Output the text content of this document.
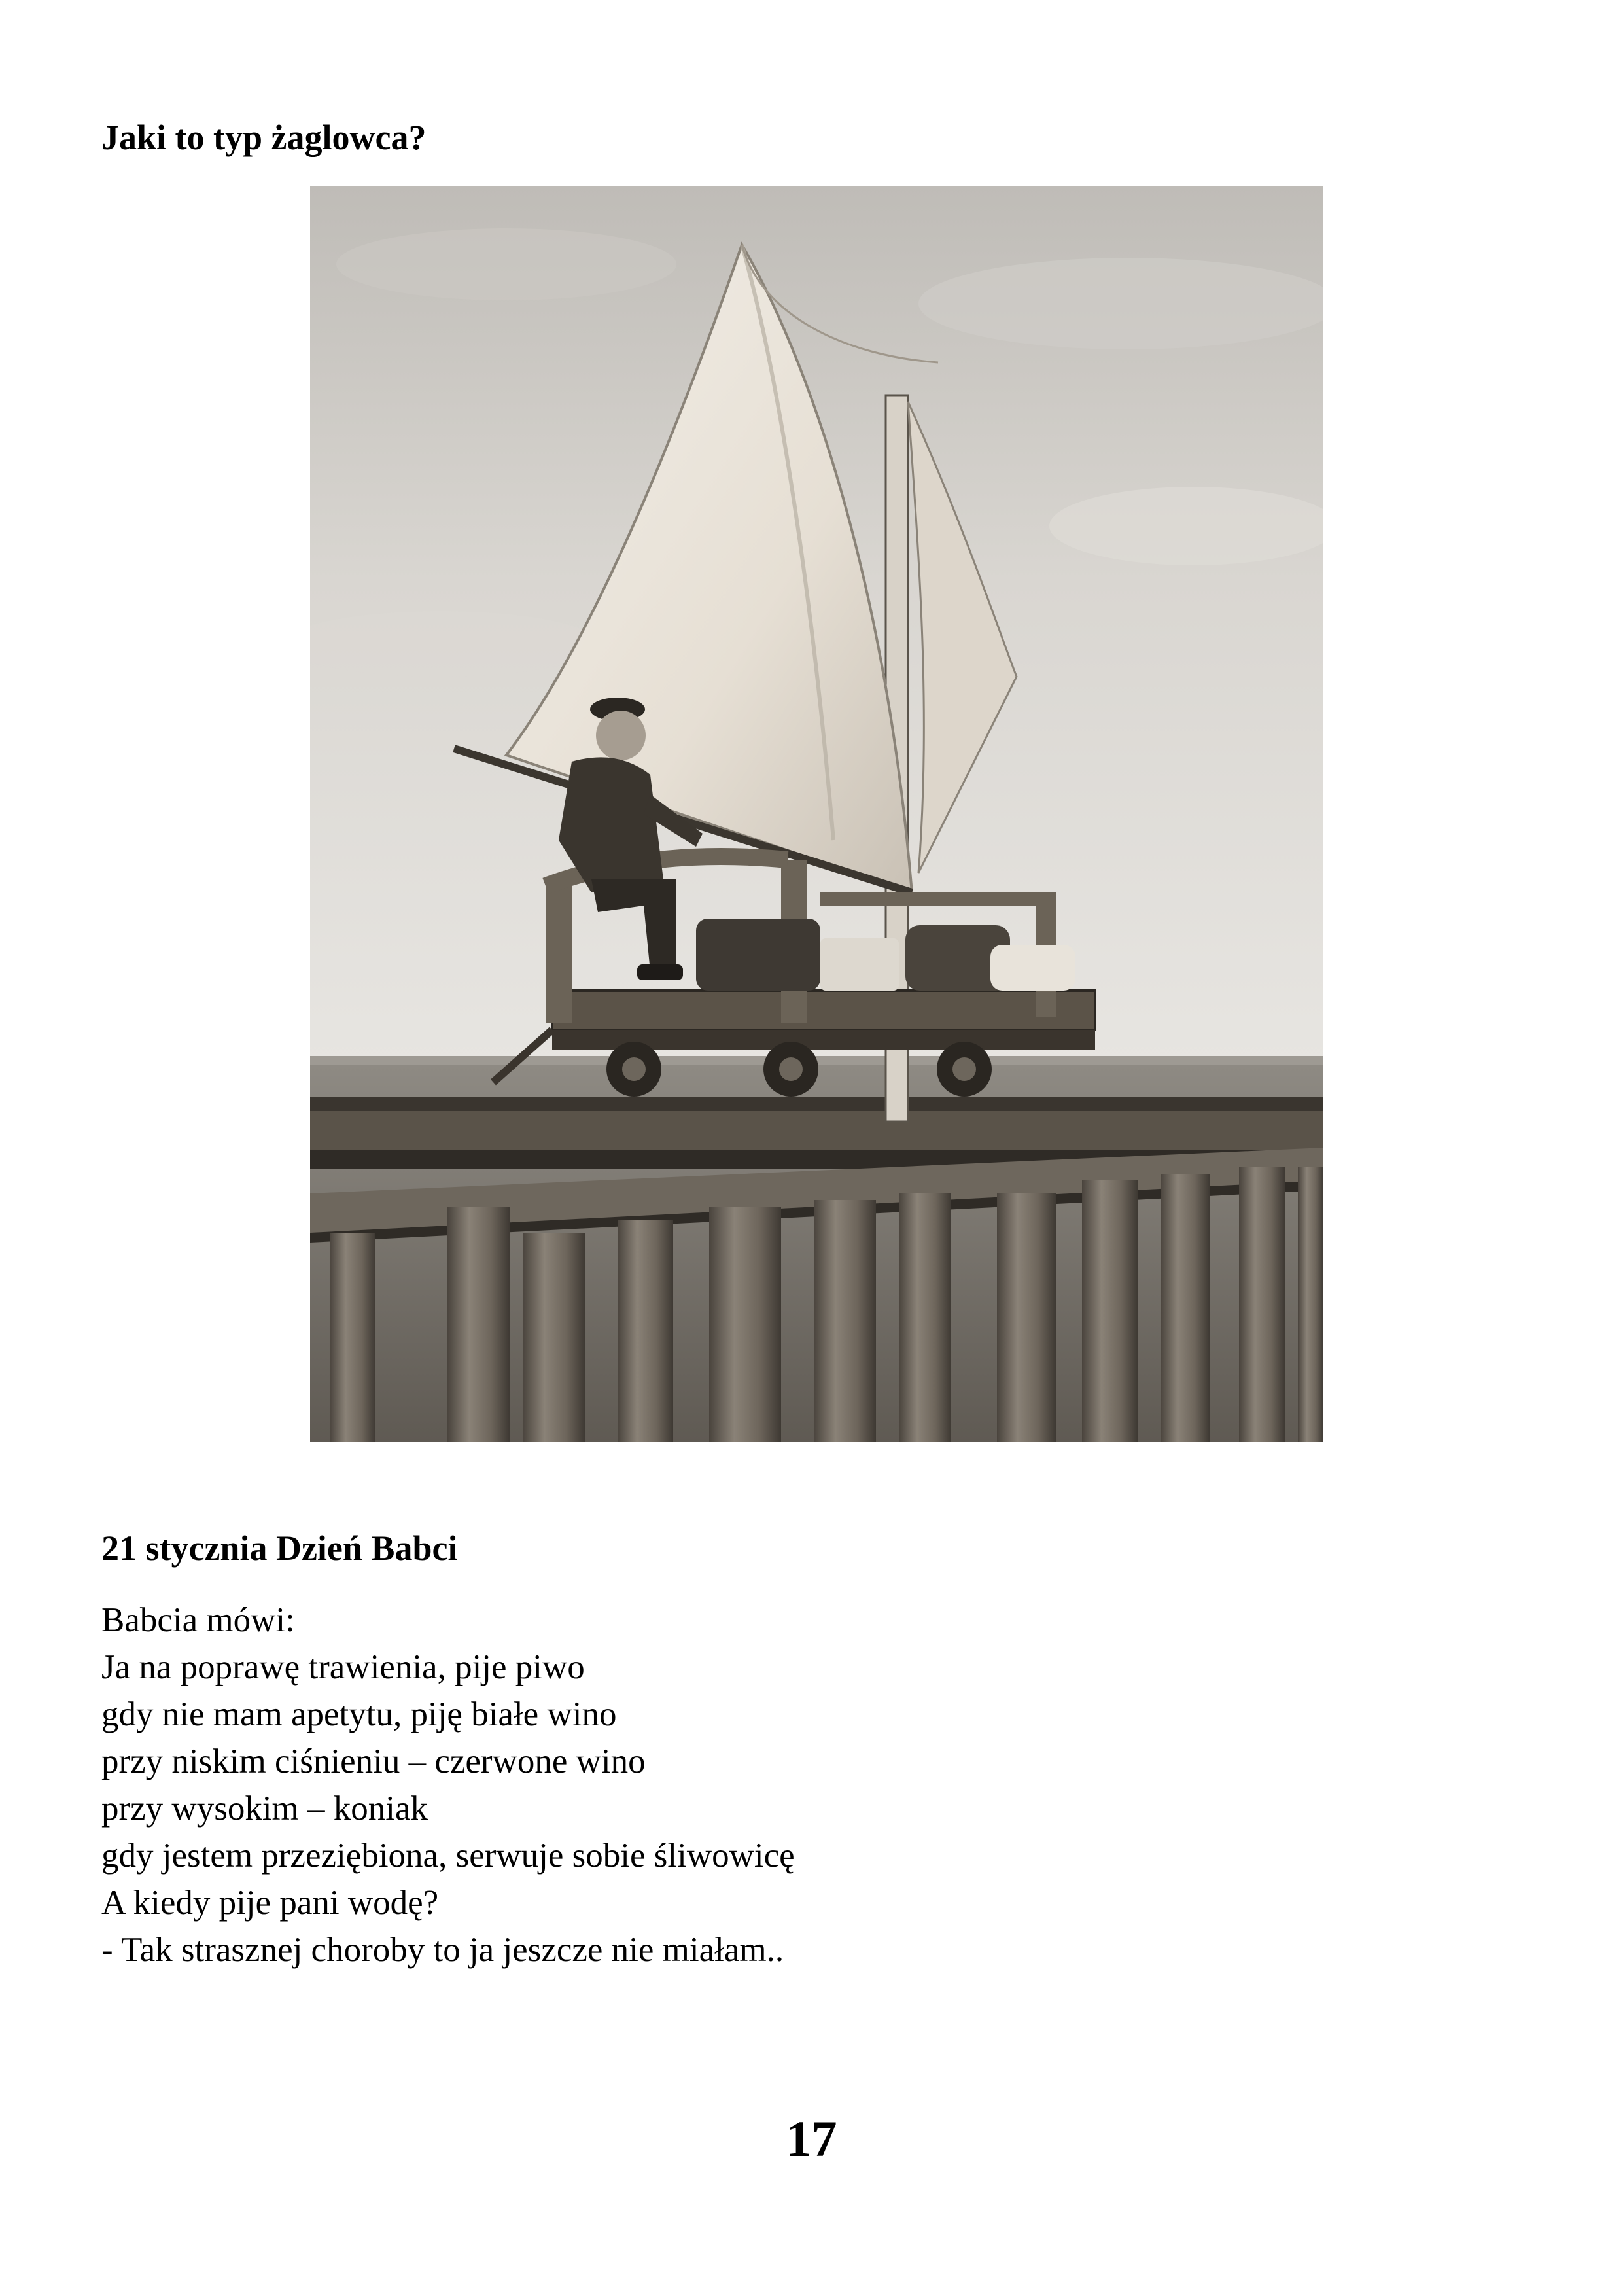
Jaki to typ żaglowca?
21 stycznia Dzień Babci
Babcia mówi:
Ja na poprawę trawienia, pije piwo
gdy nie mam apetytu, piję białe wino
przy niskim ciśnieniu – czerwone wino
przy wysokim – koniak
gdy jestem przeziębiona, serwuje sobie śliwowicę
A kiedy pije pani wodę?
- Tak strasznej choroby to ja jeszcze nie miałam..
17
